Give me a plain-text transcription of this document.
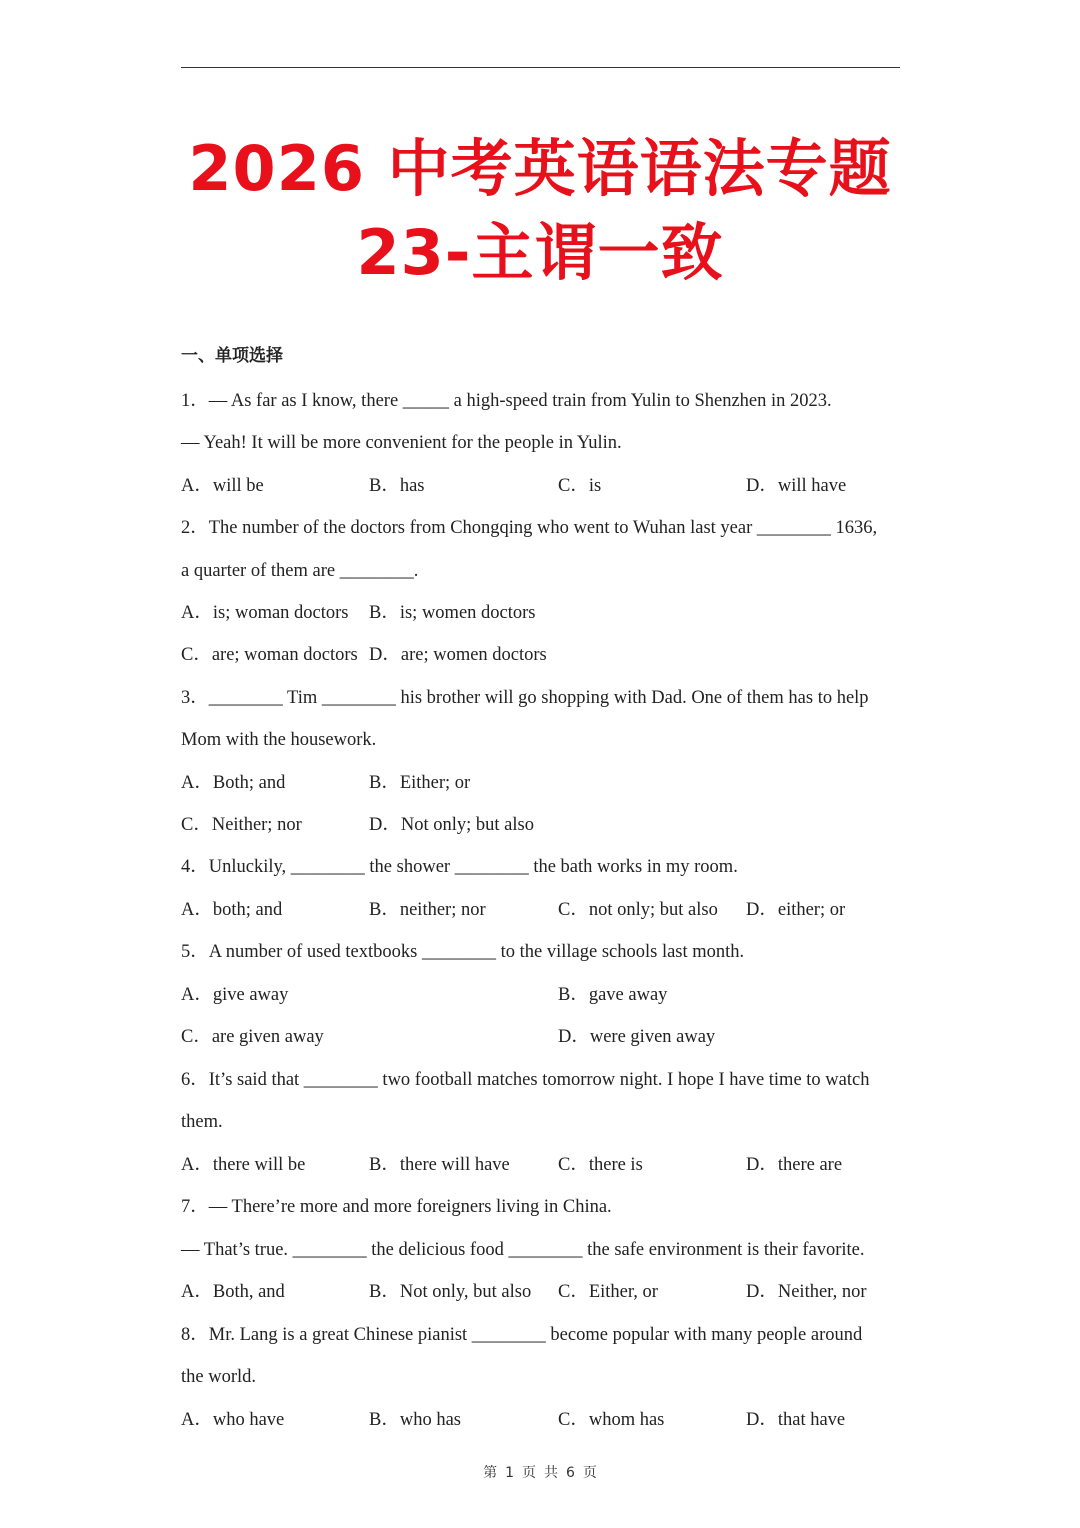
2026 中考英语语法专题
23-主谓一致
一、单项选择
1．— As far as I know, there _____ a high-speed train from Yulin to Shenzhen in 2023.
— Yeah! It will be more convenient for the people in Yulin.
A．will be	B．has	C．is	D．will have
2．The number of the doctors from Chongqing who went to Wuhan last year ________ 1636,
a quarter of them are ________.
A．is; woman doctors B．is; women doctors
C．are; woman doctors D．are; women doctors
3．________ Tim ________ his brother will go shopping with Dad. One of them has to help
Mom with the housework.
A．Both; and	B．Either; or
C．Neither; nor	D．Not only; but also
4．Unluckily, ________ the shower ________ the bath works in my room.
A．both; and	B．neither; nor	C．not only; but also D．either; or
5．A number of used textbooks ________ to the village schools last month.
A．give away	B．gave away
C．are given away	D．were given away
6．It’s said that ________ two football matches tomorrow night. I hope I have time to watch
them.
A．there will be	B．there will have	C．there is	D．there are
7．— There’re more and more foreigners living in China.
— That’s true. ________ the delicious food ________ the safe environment is their favorite.
A．Both, and	B．Not only, but also C．Either, or	D．Neither, nor
8．Mr. Lang is a great Chinese pianist ________ become popular with many people around
the world.
A．who have	B．who has	C．whom has	D．that have
第 1 页 共 6 页
